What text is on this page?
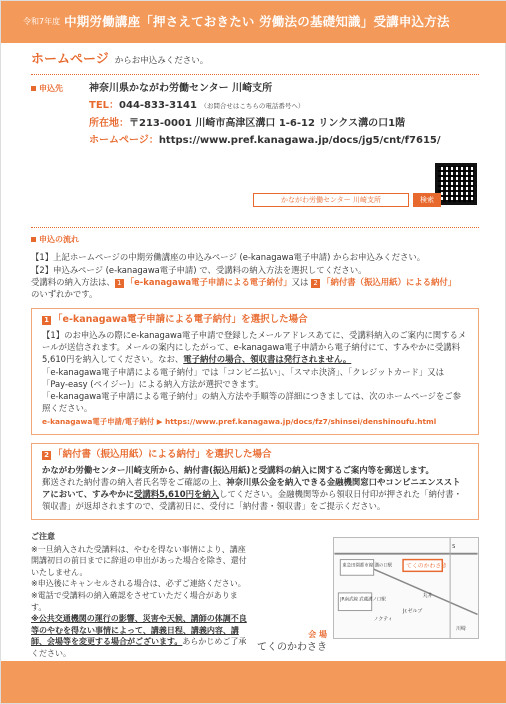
令和7年度 中期労働講座「押さえておきたい 労働法の基礎知識」受講申込方法
ホームページ からお申込みください。
申込先	神奈川県かながわ労働センター 川崎支所
TEL：044-833-3141 （お問合せはこちらの電話番号へ）
所在地：〒213-0001 川崎市高津区溝口 1-6-12 リンクス溝の口1階
ホームページ：https://www.pref.kanagawa.jp/docs/jg5/cnt/f7615/
かながわ労働センター 川崎支所	検索
申込の流れ

【1】上記ホームページの中期労働講座の申込みページ (e-kanagawa電子申請) からお申込みください。

【2】申込みページ (e-kanagawa電子申請) で、受講料の納入方法を選択してください。

受講料の納入方法は、 1 「e-kanagawa電子申請による電子納付」又は 2 「納付書（振込用紙）による納付」

のいずれかです。

1 「e-kanagawa電子申請による電子納付」を選択した場合

【1】のお申込みの際にe-kanagawa電子申請で登録したメールアドレスあてに、受講料納入のご案内に関するメールが送信されます。メールの案内にしたがって、e-kanagawa電子申請から電子納付にて、すみやかに受講料5,610円を納入してください。なお、電子納付の場合、領収書は発行されません。

「e-kanagawa電子申請による電子納付」では「コンビニ払い」、「スマホ決済」、「クレジットカード」又は「Pay-easy (ペイジー)」による納入方法が選択できます。

「e-kanagawa電子申請による電子納付」の納入方法や手順等の詳細につきましては、次のホームページをご参照ください。

e-kanagawa電子申請/電子納付 ▶ https://www.pref.kanagawa.jp/docs/fz7/shinsei/denshinoufu.html
2 「納付書（振込用紙）による納付」を選択した場合

かながわ労働センター川崎支所から、納付書(振込用紙)と受講料の納入に関するご案内等を郵送します。

郵送された納付書の納入者氏名等をご確認の上、神奈川県公金を納入できる金融機関窓口やコンビニエンスストアにおいて、すみやかに受講料5,610円を納入してください。金融機関等から領収日付印が押された「納付書・領収書」が返却されますので、受講初日に、受付に「納付書・領収書」をご提示ください。

ご注意

※一旦納入された受講料は、やむを得ない事情により、講座開講初日の前日までに辞退の申出があった場合を除き、還付いたしません。

※申込後にキャンセルされる場合は、必ずご連絡ください。

※電話で受講料の納入確認をさせていただく場合があります。

※公共交通機関の運行の影響、災害や天候、講師の体調不良等のやむを得ない事情によって、講義日程、講義内容、講師、会場等を変更する場合がございます。あらかじめご了承ください。

東急田園都市線 溝の口駅 てくのかわさき
JR南武線 武蔵溝ノ口駅
ノクティ
Jr.ゼルブ
丸井
S
川崎
会 場
てくのかわさき
